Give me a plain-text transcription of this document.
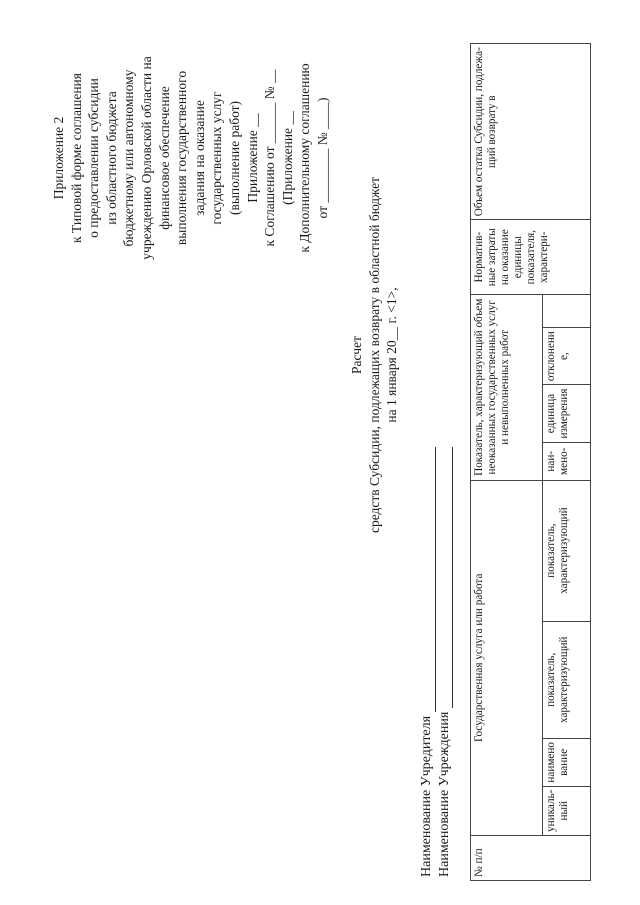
Приложение 2 к Типовой форме соглашения о предоставлении субсидии из областного бюджета бюджетному или автономному учреждению Орловской области на финансовое обеспечение выполнения государственного задания на оказание государственных услуг (выполнение работ) Приложение __ к Соглашению от ______ № __ (Приложение __ к Дополнительному соглашению от ________ № ____)
Расчет средств Субсидии, подлежащих возврату в областной бюджет на 1 января 20__ г. <1>,
Наименование Учредителя Наименование Учреждения № п/п	Государственная услуга или работа				Показатель, характеризующий объем неоказанных государственных услуг и невыполненных работ				Норматив-ные затраты на оказание единицы показателя, характери-	Объем остатка Субсидии, подлежа-щий возврату в
	уникаль-ный	наимено вание	показатель, характеризующий	показатель, характеризующий	наи-мено-	единица измерения	отклонени е,			
